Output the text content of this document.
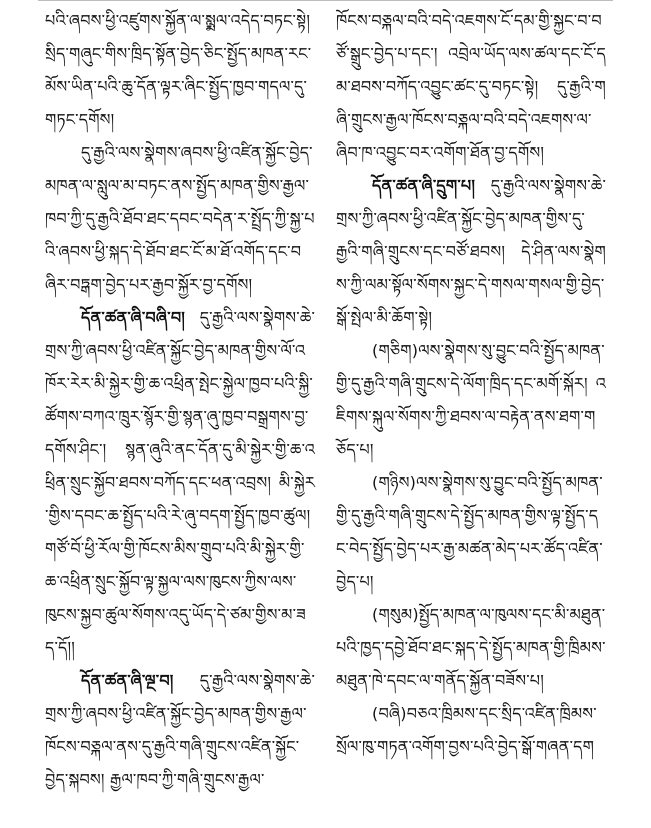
པའི་ཞབས་ཕྱི་འཛུགས་སྐྱོན་ལ་སླྨལ་འདེད་བཏང་སྟེ། སྲིད་གཞུང་གིས་ཁྲིད་སྟོན་བྱེད་ཅིང་སྤྱོད་མཁན་རང་མོས་ཡིན་པའི་ཆུ་དོན་ལྟར་ཞིང་སྤྱོད་ཁྱབ་གདལ་དུ་གཏང་དགོས།

དུ་རྒྱའི་ལས་སྣེགས་ཞབས་ཕྱི་འཛིན་སྐྱོང་བྱེད་མཁན་ལ་སླུལ་མ་བཏང་ནས་སྤྱོད་མཁན་གྱིས་རྒྱལ་ཁབ་ཀྱི་དུ་རྒྱའི་ཐོབ་ཐང་དབང་བདེན་ར་སྤྲོད་ཀྱི་སྐྱ་པའི་ཞབས་ཕྱི་སྐད་དེ་ཐོབ་ཐང་ངོ་མ་ཐོ་འགོད་དང་བཞིར་བཏྒག་བྱེད་པར་རྒྱབ་སྐྱོར་བྱ་དགོས།

དོན་ཚན་ཞི་བཞི་བ། དུ་རྒྱའི་ལས་སྣེགས་ཆེ་གྲས་ཀྱི་ཞབས་ཕྱི་འཛིན་སྐྱོང་བྱེད་མཁན་གྱིས་ལོ་འཁོར་རེར་མི་སྐྱེར་གྱི་ཆ་འཕྲིན་སྤེང་སྐྱེལ་ཁྱབ་པའི་སྐྱི་ཚོགས་བཀའ་ཁྲུར་སྙོར་གྱི་སྙན་ཞུ་ཁྱབ་བསྒྲགས་བྱ་དགོས་ཤིང་། སྙན་ཞུའི་ནང་དོན་དུ་མི་སྐྱེར་གྱི་ཆ་འཕྲིན་སྲུང་སྐྱོབ་ཐབས་བཀོད་དང་ཕན་འབྲས། མི་སྐྱེར་གྱིས་དབང་ཆ་སྤྱོད་པའི་རེ་ཞུ་བདག་སྤྱོད་ཁྱབ་ཚུལ། གཙོ་བོ་ཕྱི་རོལ་གྱི་ཁོངས་མིས་གྲུབ་པའི་མི་སྐྱེར་གྱི་ཆ་འཕྲིན་སྲུང་སྐྱོབ་ལྟ་སྐྱལ་ལས་ཁུངས་ཀྱིས་ལས་ཁུངས་སྐྱབ་ཚུལ་སོགས་འདུ་ཡོད་དེ་ཙམ་གྱིས་མ་ཟད་དོ།།

དོན་ཚན་ཞི་ལྔ་བ། དུ་རྒྱའི་ལས་སྣེགས་ཆེ་གྲས་ཀྱི་ཞབས་ཕྱི་འཛིན་སྐྱོང་བྱེད་མཁན་གྱིས་རྒྱལ་ཁོངས་བཅྐལ་ནས་དུ་རྒྱའི་གཞི་གྲུངས་འཛིན་སྐྱོང་བྱེད་སྐབས། རྒྱལ་ཁབ་ཀྱི་གཞི་གྲུངས་རྒྱལ་

ཁོངས་བཅྐལ་བའི་བདེ་འཇགས་ངོ་དམ་གྱི་སྐྱང་བ་བཙོ་སྒྲུང་བྱེད་པ་དང་། འབྲེལ་ཡོད་ལས་ཚལ་དང་ངོ་དམ་ཐབས་བཀོད་འབྱུང་ཚང་དུ་བཏང་སྟེ། དུ་རྒྱའི་གཞི་གྲུངས་རྒྱལ་ཁོངས་བཅྐལ་བའི་བདེ་འཇགས་ལ་ཞིབ་ཁ་འབྱུང་བར་འགོག་ཐོན་བྱ་དགོས།

དོན་ཚན་ཞི་དྲུག་པ། དུ་རྒྱའི་ལས་སྣེགས་ཆེ་གྲས་ཀྱི་ཞབས་ཕྱི་འཛིན་སྐྱོང་བྱེད་མཁན་གྱིས་དུ་རྒྱའི་གཞི་གྲུངས་དང་བཙོ་ཐབས། དེ་ཤིན་ལས་སྣེགས་ཀྱི་ལམ་སྟོལ་སོགས་སྐྱང་དེ་གསལ་གསལ་གྱི་བྱེད་སྒོ་སྤེལ་མི་ཆོག་སྟེ།

(གཅིག)ལས་སྣེགས་སུ་བྱུང་བའི་སྤྱོད་མཁན་གྱི་དུ་རྒྱའི་གཞི་གྲུངས་དེ་ལོག་ཁྲིད་དང་མགོ་སྐོར། འཇིགས་སྐུལ་སོགས་ཀྱི་ཐབས་ལ་བརྟེན་ནས་ཐག་གཅོད་པ།

(གཉིས)ལས་སྣེགས་སུ་བྱུང་བའི་སྤྱོད་མཁན་གྱི་དུ་རྒྱའི་གཞི་གྲུངས་དེ་སྤྱོད་མཁན་གྱིས་ལྟ་སྤྱོད་དང་བེད་སྤྱོད་བྱེད་པར་རྒྱ་མཚན་མེད་པར་ཚོད་འཛིན་བྱེད་པ།

(གསུམ)སྤྱོད་མཁན་ལ་ཁུལས་དང་མི་མཐུན་པའི་ཁྱད་དབྱེ་ཐོབ་ཐང་སྐད་དེ་སྤྱོད་མཁན་གྱི་ཁྲིམས་མཐུན་ཁེ་དབང་ལ་གནོད་སྐྱོན་བཟོས་པ།

(བཞི)བཅའ་ཁྲིམས་དང་སྲིད་འཛིན་ཁྲིམས་སྲོལ་ཁུ་གཏན་འགོག་བྱས་པའི་བྱེད་སྒོ་གཞན་དག
